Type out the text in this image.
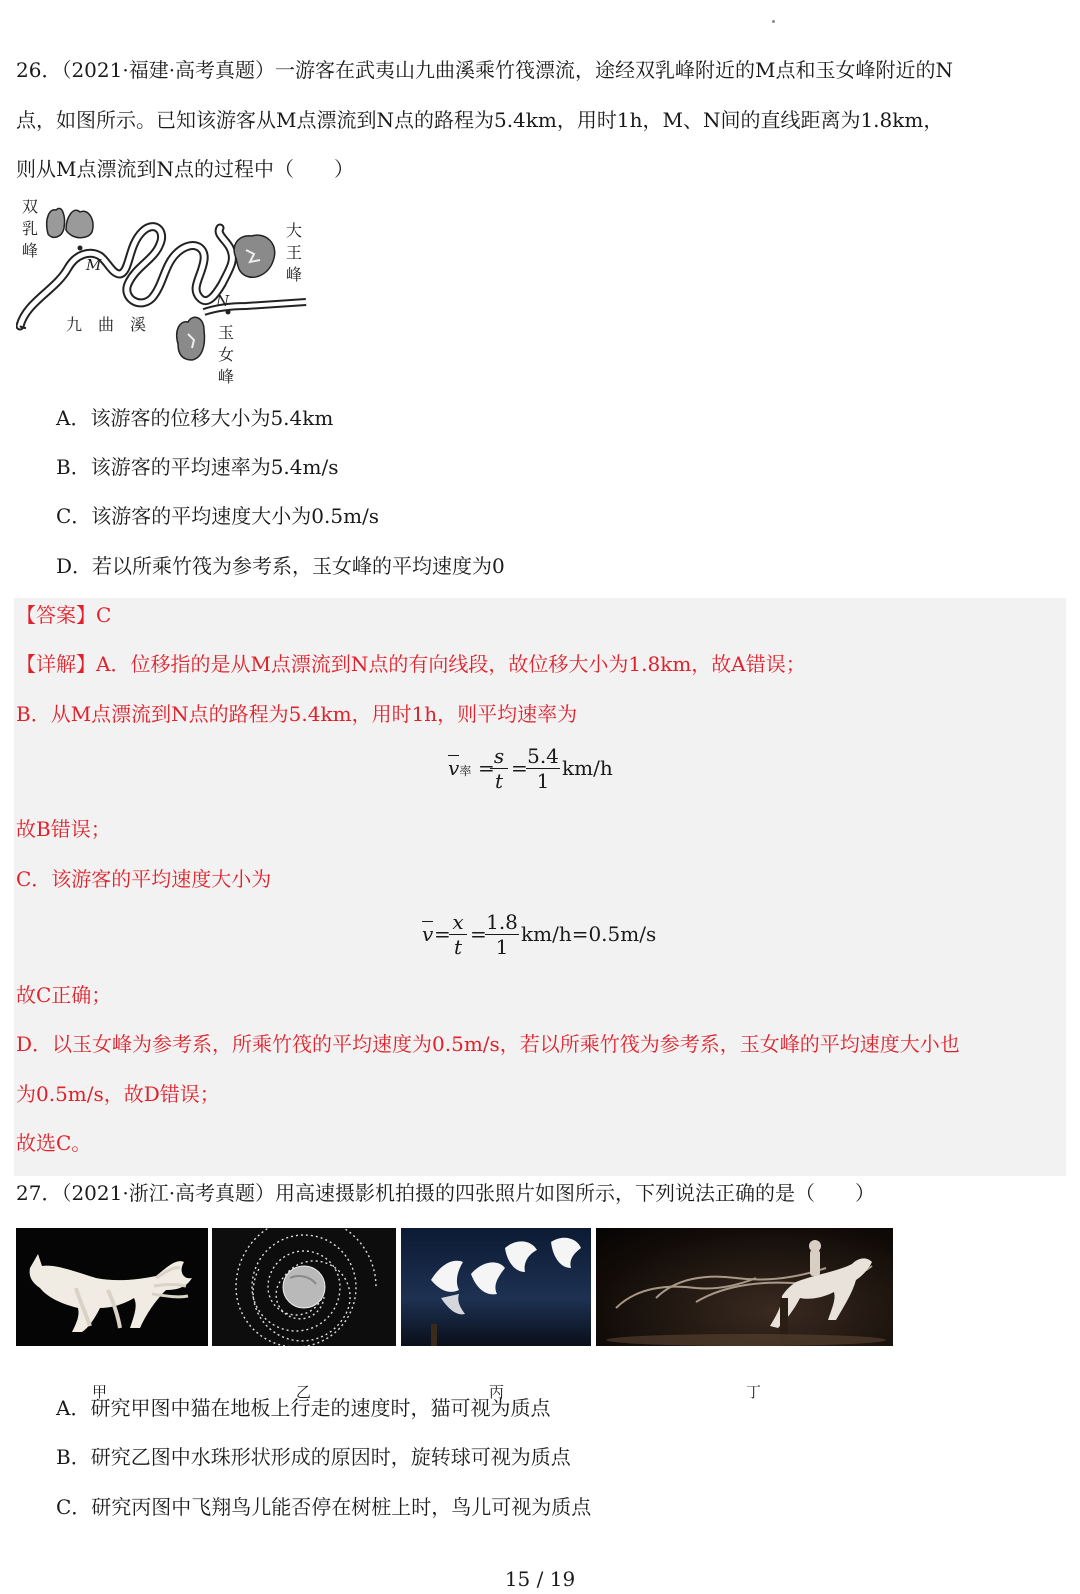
26．（2021·福建·高考真题）一游客在武夷山九曲溪乘竹筏漂流，途经双乳峰附近的M点和玉女峰附近的N
点，如图所示。已知该游客从M点漂流到N点的路程为5.4km，用时1h，M、N间的直线距离为1.8km，
则从M点漂流到N点的过程中（　　）
M
N
九　曲　溪
双
乳
峰
大
王
峰
玉
女
峰
A．该游客的位移大小为5.4km
B．该游客的平均速率为5.4m/s
C．该游客的平均速度大小为0.5m/s
D．若以所乘竹筏为参考系，玉女峰的平均速度为0
【答案】C
【详解】A．位移指的是从M点漂流到N点的有向线段，故位移大小为1.8km，故A错误；
B．从M点漂流到N点的路程为5.4km，用时1h，则平均速率为
v率 =
$\frac{s}{t}$ =
$\frac{5.4}{1} km/h$
故B错误；
C．该游客的平均速度大小为
v =
$\frac{x}{t}$ =
$\frac{1.8}{1} km/h=0.5m/s$
故C正确；
D．以玉女峰为参考系，所乘竹筏的平均速度为0.5m/s，若以所乘竹筏为参考系，玉女峰的平均速度大小也
为0.5m/s，故D错误；
故选C。
27．（2021·浙江·高考真题）用高速摄影机拍摄的四张照片如图所示，下列说法正确的是（　　）
甲	乙	丙	丁
A．研究甲图中猫在地板上行走的速度时，猫可视为质点
B．研究乙图中水珠形状形成的原因时，旋转球可视为质点
C．研究丙图中飞翔鸟儿能否停在树桩上时，鸟儿可视为质点
15 / 19
